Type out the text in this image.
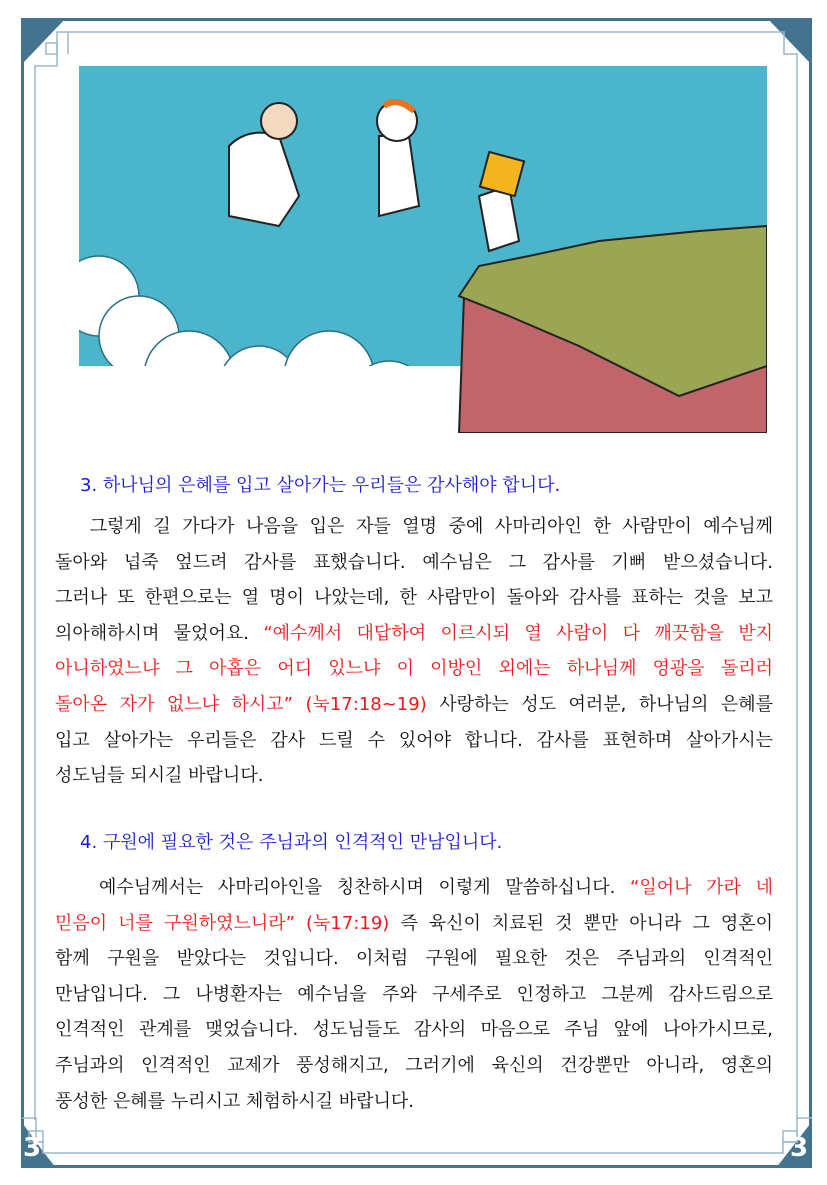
3. 하나님의 은혜를 입고 살아가는 우리들은 감사해야 합니다.
그렇게 길 가다가 나음을 입은 자들 열명 중에 사마리아인 한 사람만이 예수님께
돌아와 넙죽 엎드려 감사를 표했습니다. 예수님은 그 감사를 기뻐 받으셨습니다.
그러나 또 한편으로는 열 명이 나았는데, 한 사람만이 돌아와 감사를 표하는 것을 보고
의아해하시며 물었어요. “예수께서 대답하여 이르시되 열 사람이 다 깨끗함을 받지
아니하였느냐 그 아홉은 어디 있느냐 이 이방인 외에는 하나님께 영광을 돌리러
돌아온 자가 없느냐 하시고” (눅17:18~19) 사랑하는 성도 여러분, 하나님의 은혜를
입고 살아가는 우리들은 감사 드릴 수 있어야 합니다. 감사를 표현하며 살아가시는
성도님들 되시길 바랍니다.
4. 구원에 필요한 것은 주님과의 인격적인 만남입니다.
예수님께서는 사마리아인을 칭찬하시며 이렇게 말씀하십니다. “일어나 가라 네
믿음이 너를 구원하였느니라” (눅17:19) 즉 육신이 치료된 것 뿐만 아니라 그 영혼이
함께 구원을 받았다는 것입니다. 이처럼 구원에 필요한 것은 주님과의 인격적인
만남입니다. 그 나병환자는 예수님을 주와 구세주로 인정하고 그분께 감사드림으로
인격적인 관계를 맺었습니다. 성도님들도 감사의 마음으로 주님 앞에 나아가시므로,
주님과의 인격적인 교제가 풍성해지고, 그러기에 육신의 건강뿐만 아니라, 영혼의
풍성한 은혜를 누리시고 체험하시길 바랍니다.
3	3
